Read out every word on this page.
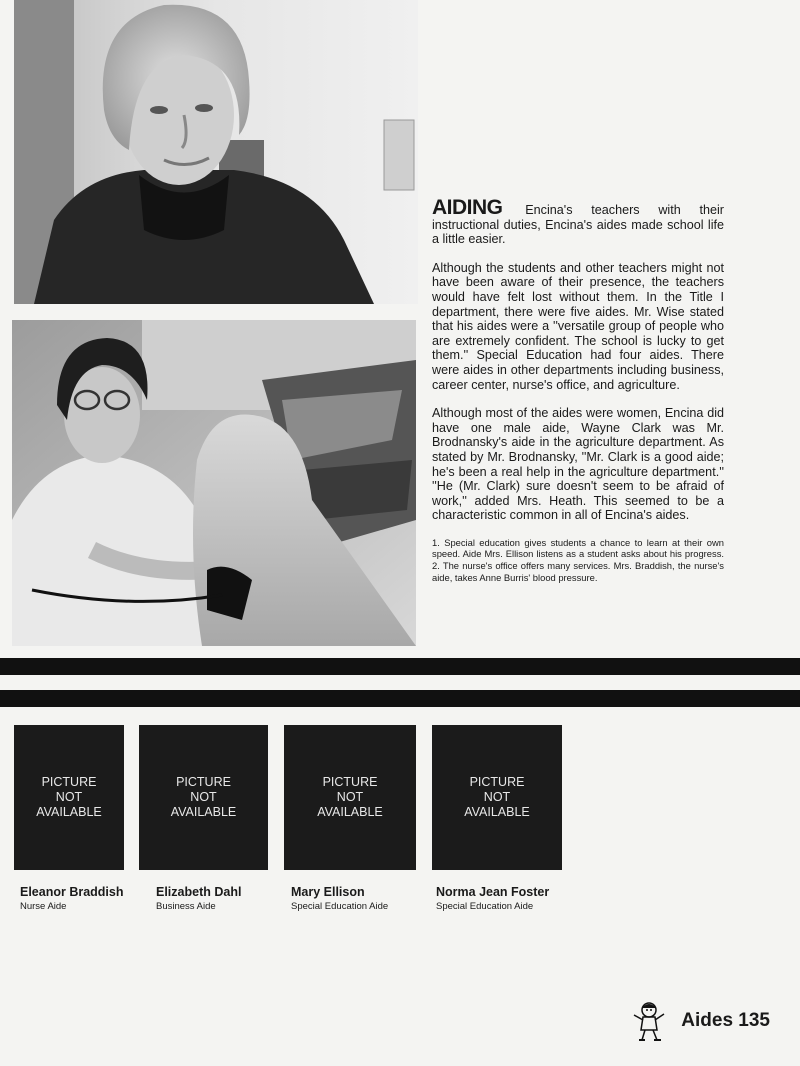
AIDING Encina's teachers with their instructional duties, Encina's aides made school life a little easier.

Although the students and other teachers might not have been aware of their presence, the teachers would have felt lost without them. In the Title I department, there were five aides. Mr. Wise stated that his aides were a ''versatile group of people who are extremely confident. The school is lucky to get them.'' Special Education had four aides. There were aides in other departments including business, career center, nurse's office, and agriculture.

Although most of the aides were women, Encina did have one male aide, Wayne Clark was Mr. Brodnansky's aide in the agriculture department. As stated by Mr. Brodnansky, ''Mr. Clark is a good aide; he's been a real help in the agriculture department.'' ''He (Mr. Clark) sure doesn't seem to be afraid of work,'' added Mrs. Heath. This seemed to be a characteristic common in all of Encina's aides.

1. Special education gives students a chance to learn at their own speed. Aide Mrs. Ellison listens as a student asks about his progress. 2. The nurse's office offers many services. Mrs. Braddish, the nurse's aide, takes Anne Burris' blood pressure.

PICTURE NOT AVAILABLE
Eleanor Braddish
Nurse Aide
PICTURE NOT AVAILABLE
Elizabeth Dahl
Business Aide
PICTURE NOT AVAILABLE
Mary Ellison
Special Education Aide
PICTURE NOT AVAILABLE
Norma Jean Foster
Special Education Aide
Aides 135
